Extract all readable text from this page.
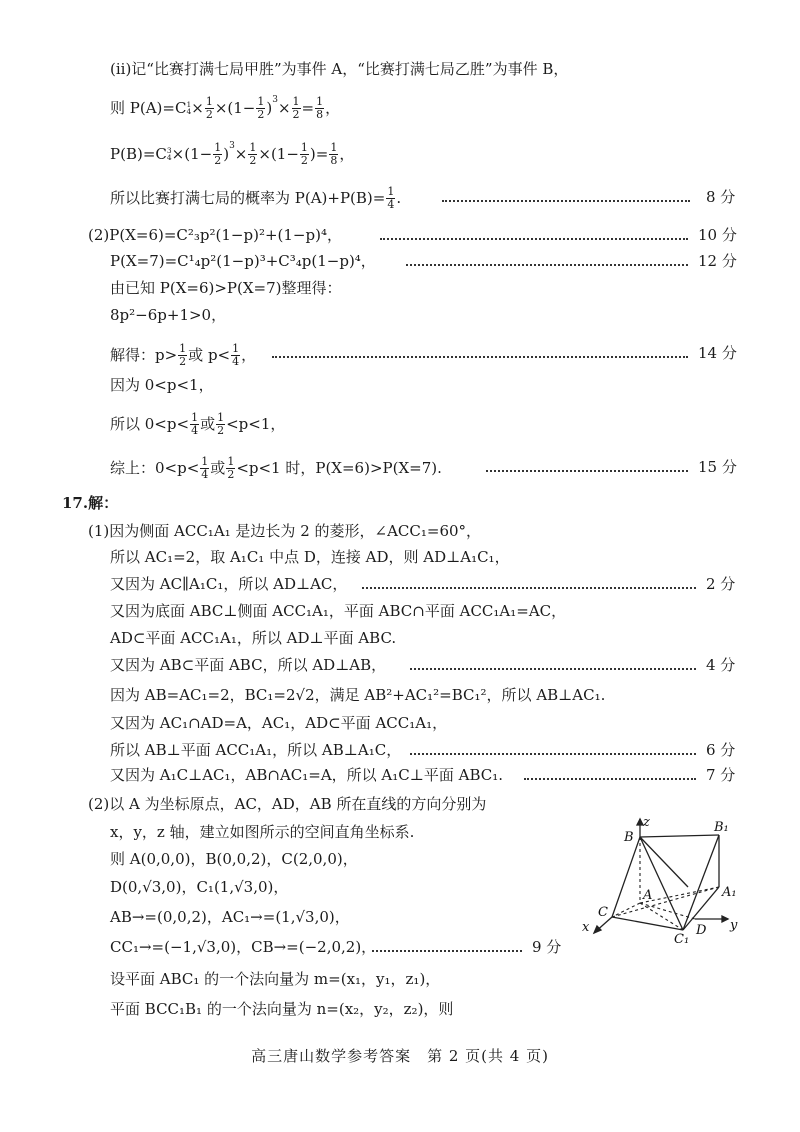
(ii)记“比赛打满七局甲胜”为事件 A，“比赛打满七局乙胜”为事件 B，
则 P(A)=C 1
$4 \times \frac{1}{2} \times(1- \frac{1}{2} )^3 \times \frac{1}{2} = \frac{1}{8}$ ，
P(B)=C 3
$4 \times(1- \frac{1}{2} )^3 \times \frac{1}{2} \times(1- \frac{1}{2}$ )= $\frac{1}{8}$ ，
所以比赛打满七局的概率为 $P(A)+P(B)= \frac{1}{4}$ .	8 分
(2)P(X=6)=C²₃p²(1−p)²+(1−p)⁴，	10 分
P(X=7)=C¹₄p²(1−p)³+C³₄p(1−p)⁴，	12 分
由已知 P(X=6)>P(X=7)整理得：
8p²−6p+1>0，
解得：$p> \frac{1}{2}$ 或 $p< \frac{1}{4}$ ，	14 分
因为 0<p<1，
所以 $0<p< \frac{1}{4}$ 或 $\frac{1}{2} <p<1$，
综上：$0<p< \frac{1}{4}$ 或 $\frac{1}{2} <p<1$ 时，P(X=6)>P(X=7).	15 分
17.解：
(1)因为侧面 ACC₁A₁ 是边长为 2 的菱形，∠ACC₁=60°，
所以 AC₁=2，取 A₁C₁ 中点 D，连接 AD，则 AD⊥A₁C₁，
又因为 AC∥A₁C₁，所以 AD⊥AC，	2 分
又因为底面 ABC⊥侧面 ACC₁A₁，平面 ABC∩平面 ACC₁A₁=AC，
AD⊂平面 ACC₁A₁，所以 AD⊥平面 ABC.
又因为 AB⊂平面 ABC，所以 AD⊥AB，	4 分
因为 AB=AC₁=2，BC₁=2√2，满足 AB²+AC₁²=BC₁²，所以 AB⊥AC₁.
又因为 AC₁∩AD=A，AC₁，AD⊂平面 ACC₁A₁，
所以 AB⊥平面 ACC₁A₁，所以 AB⊥A₁C，	6 分
又因为 A₁C⊥AC₁，AB∩AC₁=A，所以 A₁C⊥平面 ABC₁.	7 分
(2)以 A 为坐标原点，AC，AD，AB 所在直线的方向分别为
x，y，z 轴，建立如图所示的空间直角坐标系.
则 A(0,0,0)，B(0,0,2)，C(2,0,0)，
D(0,√3,0)，C₁(1,√3,0)，
AB→=(0,0,2)，AC₁→=(1,√3,0)，
CC₁→=(−1,√3,0)，CB→=(−2,0,2)，	9 分
设平面 ABC₁ 的一个法向量为 m=(x₁，y₁，z₁)，
平面 BCC₁B₁ 的一个法向量为 n=(x₂，y₂，z₂)，则
B
z	B₁
A	A₁
C
D y
x
C₁
高三唐山数学参考答案　第 2 页(共 4 页)
